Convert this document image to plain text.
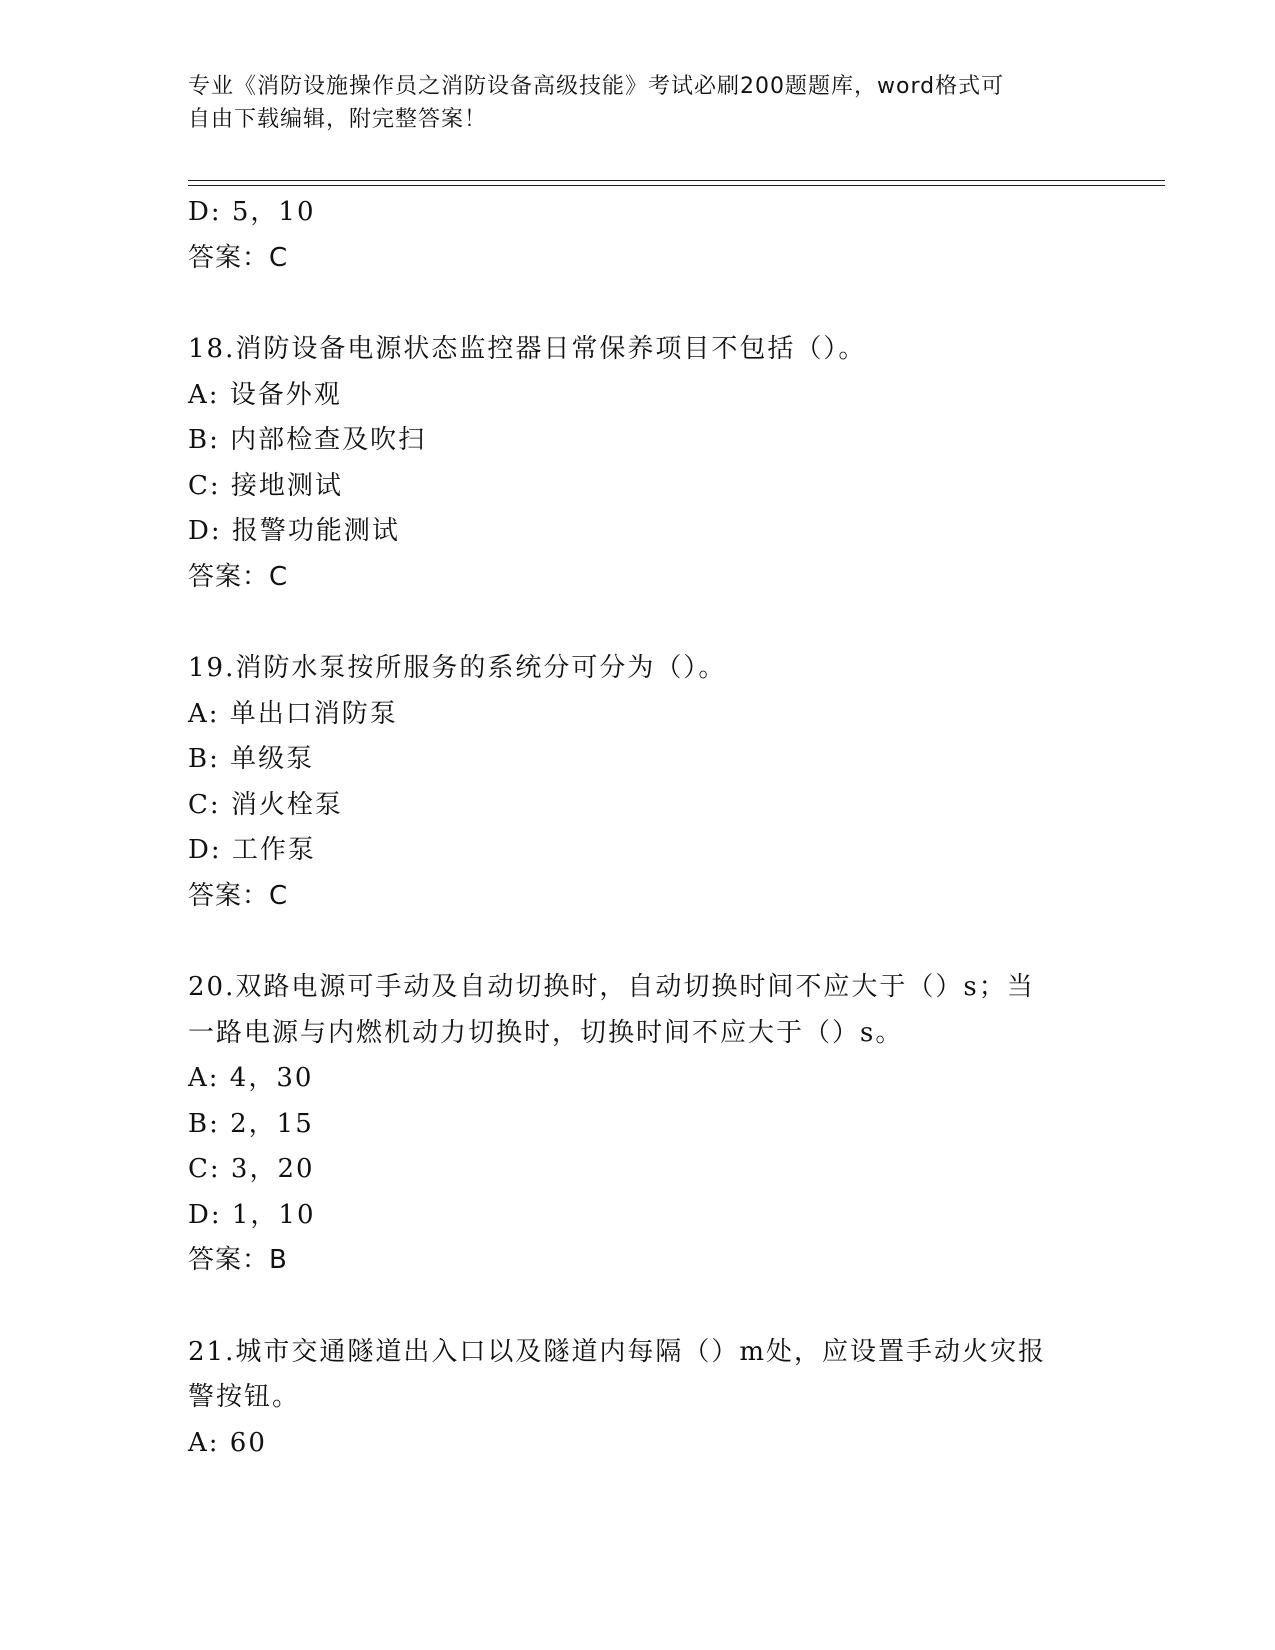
专业《消防设施操作员之消防设备高级技能》考试必刷200题题库，word格式可
自由下载编辑，附完整答案！
D: 5，10
答案：C
18.消防设备电源状态监控器日常保养项目不包括（）。
A: 设备外观
B: 内部检查及吹扫
C: 接地测试
D: 报警功能测试
答案：C
19.消防水泵按所服务的系统分可分为（）。
A: 单出口消防泵
B: 单级泵
C: 消火栓泵
D: 工作泵
答案：C
20.双路电源可手动及自动切换时，自动切换时间不应大于（）s；当
一路电源与内燃机动力切换时，切换时间不应大于（）s。
A: 4，30
B: 2，15
C: 3，20
D: 1，10
答案：B
21.城市交通隧道出入口以及隧道内每隔（）m处，应设置手动火灾报
警按钮。
A: 60
